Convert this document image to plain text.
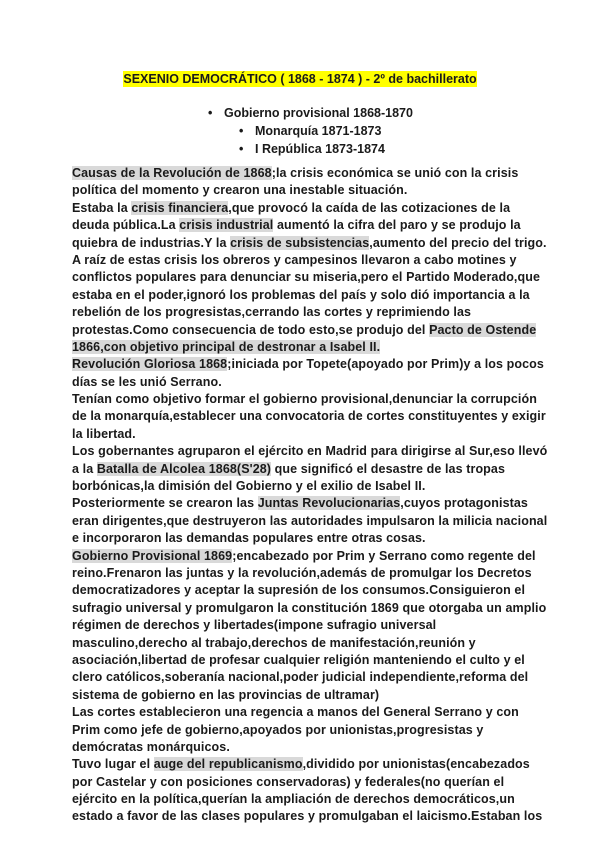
SEXENIO DEMOCRÁTICO ( 1868 - 1874 ) - 2º de bachillerato
• Gobierno provisional 1868-1870
• Monarquía 1871-1873
• I República 1873-1874
Causas de la Revolución de 1868;la crisis económica se unió con la crisis
política del momento y crearon una inestable situación.
Estaba la crisis financiera,que provocó la caída de las cotizaciones de la
deuda pública.La crisis industrial aumentó la cifra del paro y se produjo la
quiebra de industrias.Y la crisis de subsistencias,aumento del precio del trigo.
A raíz de estas crisis los obreros y campesinos llevaron a cabo motines y
conflictos populares para denunciar su miseria,pero el Partido Moderado,que
estaba en el poder,ignoró los problemas del país y solo dió importancia a la
rebelión de los progresistas,cerrando las cortes y reprimiendo las
protestas.Como consecuencia de todo esto,se produjo del Pacto de Ostende
1866,con objetivo principal de destronar a Isabel II.
Revolución Gloriosa 1868;iniciada por Topete(apoyado por Prim)y a los pocos
días se les unió Serrano.
Tenían como objetivo formar el gobierno provisional,denunciar la corrupción
de la monarquía,establecer una convocatoria de cortes constituyentes y exigir
la libertad.
Los gobernantes agruparon el ejército en Madrid para dirigirse al Sur,eso llevó
a la Batalla de Alcolea 1868(S'28) que significó el desastre de las tropas
borbónicas,la dimisión del Gobierno y el exilio de Isabel II.
Posteriormente se crearon las Juntas Revolucionarias,cuyos protagonistas
eran dirigentes,que destruyeron las autoridades impulsaron la milicia nacional
e incorporaron las demandas populares entre otras cosas.
Gobierno Provisional 1869;encabezado por Prim y Serrano como regente del
reino.Frenaron las juntas y la revolución,además de promulgar los Decretos
democratizadores y aceptar la supresión de los consumos.Consiguieron el
sufragio universal y promulgaron la constitución 1869 que otorgaba un amplio
régimen de derechos y libertades(impone sufragio universal
masculino,derecho al trabajo,derechos de manifestación,reunión y
asociación,libertad de profesar cualquier religión manteniendo el culto y el
clero católicos,soberanía nacional,poder judicial independiente,reforma del
sistema de gobierno en las provincias de ultramar)
Las cortes establecieron una regencia a manos del General Serrano y con
Prim como jefe de gobierno,apoyados por unionistas,progresistas y
demócratas monárquicos.
Tuvo lugar el auge del republicanismo,dividido por unionistas(encabezados
por Castelar y con posiciones conservadoras) y federales(no querían el
ejército en la política,querían la ampliación de derechos democráticos,un
estado a favor de las clases populares y promulgaban el laicismo.Estaban los
